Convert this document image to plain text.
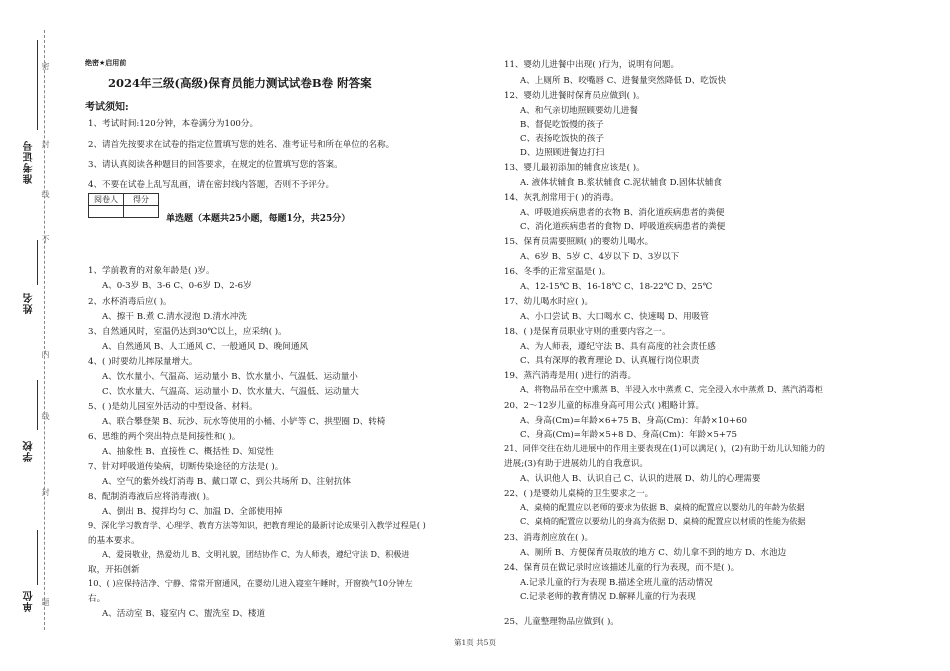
准考证号
姓名
学校
单位
密
封
线
不
内
线
封
题
绝密★启用前
2024年三级(高级)保育员能力测试试卷B卷 附答案
考试须知:
1、考试时间:120分钟，本卷满分为100分。
2、请首先按要求在试卷的指定位置填写您的姓名、准考证号和所在单位的名称。
3、请认真阅读各种题目的回答要求，在规定的位置填写您的答案。
4、不要在试卷上乱写乱画，请在密封线内答题，否则不予评分。
阅卷人	得分

单选题（本题共25小题，每题1分，共25分）
1、学前教育的对象年龄是( )岁。
A、0-3岁 B、3-6 C、0-6岁 D、2-6岁
2、水杯消毒后应( )。
A、擦干 B.煮 C.清水浸泡 D.清水冲洗
3、自然通风时，室温仍达到30℃以上，应采纳( )。
A、自然通风 B、人工通风 C、一般通风 D、晚间通风
4、( )时要幼儿摔尿量增大。
A、饮水量小、气温高、运动量小 B、饮水量小、气温低、运动量小
C、饮水量大、气温高、运动量小 D、饮水量大、气温低、运动量大
5、( )是幼儿园室外活动的中型设备、材料。
A、联合攀登架 B、玩沙、玩水等使用的小桶、小铲等 C、拱型圈 D、转椅
6、思维的两个突出特点是间接性和( )。
A、抽象性 B、直接性 C、概括性 D、知觉性
7、针对呼吸道传染病，切断传染途径的方法是( )。
A、空气的紫外线灯消毒 B、戴口罩 C、到公共场所 D、注射抗体
8、配制消毒液后应将消毒液( )。
A、倒出 B、搅拌均匀 C、加温 D、全部使用掉
9、深化学习教育学、心理学、教育方法等知识，把教育理论的最新讨论成果引入教学过程是( )
的基本要求。
A、爱岗敬业，热爱幼儿 B、文明礼貌，团结协作 C、为人师表，遵纪守法 D、积极进
取，开拓创新
10、( )应保持洁净、宁静、常常开窗通风，在婴幼儿进入寝室午睡时，开窗换气10分钟左
右。
A、活动室 B、寝室内 C、盥洗室 D、楼道
11、婴幼儿进餐中出现( )行为，说明有问题。
A、上厕所 B、咬嘴唇 C、进餐量突然降低 D、吃饭快
12、婴幼儿进餐时保育员应做到( )。
A、和气亲切地照顾要幼儿进餐
B、督促吃饭慢的孩子
C、表扬吃饭快的孩子
D、边照顾进餐边打扫
13、婴儿最初添加的辅食应该是( )。
A. 液体状辅食 B.浆状辅食 C.泥状辅食 D.固体状辅食
14、灰乳剂常用于( )的消毒。
A、呼吸道疾病患者的衣物 B、消化道疾病患者的粪便
C、消化道疾病患者的食物 D、呼吸道疾病患者的粪便
15、保育员需要照顾( )的婴幼儿喝水。
A、6岁 B、5岁 C、4岁以下 D、3岁以下
16、冬季的正常室温是( )。
A、12-15℃ B、16-18℃ C、18-22℃ D、25℃
17、幼儿喝水时应( )。
A、小口尝试 B、大口喝水 C、快速喝 D、用吸管
18、( )是保育员职业守则的重要内容之一。
A、为人师表，遵纪守法 B、具有高度的社会责任感
C、具有深厚的教育理论 D、认真履行岗位职责
19、蒸汽消毒是用( )进行的消毒。
A、将物品吊在空中熏蒸 B、半浸入水中蒸煮 C、完全浸入水中蒸煮 D、蒸汽消毒柜
20、2～12岁儿童的标准身高可用公式( )粗略计算。
A、身高(Cm)=年龄×6+75 B、身高(Cm)：年龄×10+60
C、身高(Cm)=年龄×5+8 D、身高(Cm)：年龄×5+75
21、同伴交往在幼儿进展中的作用主要表现在(1)可以满足( )，(2)有助于幼儿认知能力的
进展;(3)有助于进展幼儿的自我意识。
A、认识他人 B、认识自己 C、认识的进展 D、幼儿的心理需要
22、( )是婴幼儿桌椅的卫生要求之一。
A、桌椅的配置应以老师的要求为依据 B、桌椅的配置应以婴幼儿的年龄为依据
C、桌椅的配置应以要幼儿的身高为依据 D、桌椅的配置应以材质的性能为依据
23、消毒剂应放在( )。
A、厕所 B、方便保育员取放的地方 C、幼儿拿不到的地方 D、水池边
24、保育员在做记录时应该描述儿童的行为表现，而不是( )。
A.记录儿童的行为表现 B.描述全班儿童的活动情况
C.记录老师的教育情况 D.解释儿童的行为表现
25、儿童整理物品应做到( )。
第1页 共5页
